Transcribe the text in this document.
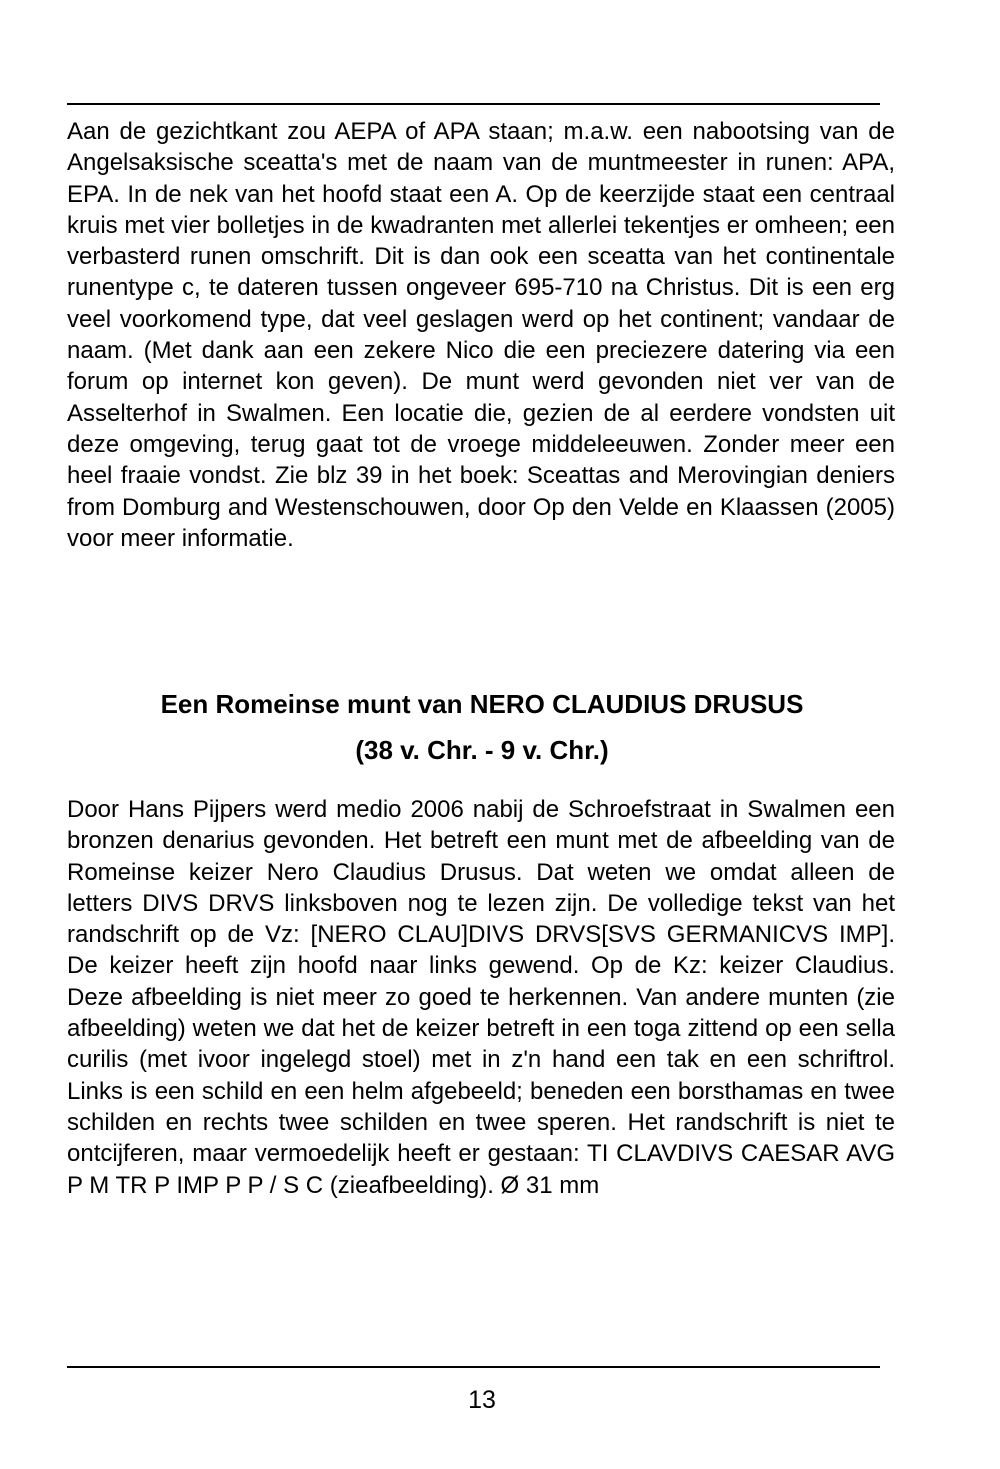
Aan de gezichtkant zou AEPA of APA staan; m.a.w. een nabootsing van de Angelsaksische sceatta's met de naam van de muntmeester in runen: APA, EPA. In de nek van het hoofd staat een A. Op de keerzijde staat een centraal kruis met vier bolletjes in de kwadranten met allerlei tekentjes er omheen; een verbasterd runen omschrift. Dit is dan ook een sceatta van het continentale runentype c, te dateren tussen ongeveer 695-710 na Christus. Dit is een erg veel voorkomend type, dat veel geslagen werd op het continent; vandaar de naam. (Met dank aan een zekere Nico die een preciezere datering via een forum op internet kon geven). De munt werd gevonden niet ver van de Asselterhof in Swalmen. Een locatie die, gezien de al eerdere vondsten uit deze omgeving, terug gaat tot de vroege middeleeuwen. Zonder meer een heel fraaie vondst. Zie blz 39 in het boek: Sceattas and Merovingian deniers from Domburg and Westenschouwen, door Op den Velde en Klaassen (2005) voor meer informatie.

Een Romeinse munt van NERO CLAUDIUS DRUSUS
(38 v. Chr. - 9 v. Chr.)

Door Hans Pijpers werd medio 2006 nabij de Schroefstraat in Swalmen een bronzen denarius gevonden. Het betreft een munt met de afbeelding van de Romeinse keizer Nero Claudius Drusus. Dat weten we omdat alleen de letters DIVS DRVS linksboven nog te lezen zijn. De volledige tekst van het randschrift op de Vz: [NERO CLAU]DIVS DRVS[SVS GERMANICVS IMP]. De keizer heeft zijn hoofd naar links gewend. Op de Kz: keizer Claudius. Deze afbeelding is niet meer zo goed te herkennen. Van andere munten (zie afbeelding) weten we dat het de keizer betreft in een toga zittend op een sella curilis (met ivoor ingelegd stoel) met in z'n hand een tak en een schriftrol. Links is een schild en een helm afgebeeld; beneden een borsthamas en twee schilden en rechts twee schilden en twee speren. Het randschrift is niet te ontcijferen, maar vermoedelijk heeft er gestaan: TI CLAVDIVS CAESAR AVG P M TR P IMP P P / S C (zieafbeelding). Ø 31 mm

13
